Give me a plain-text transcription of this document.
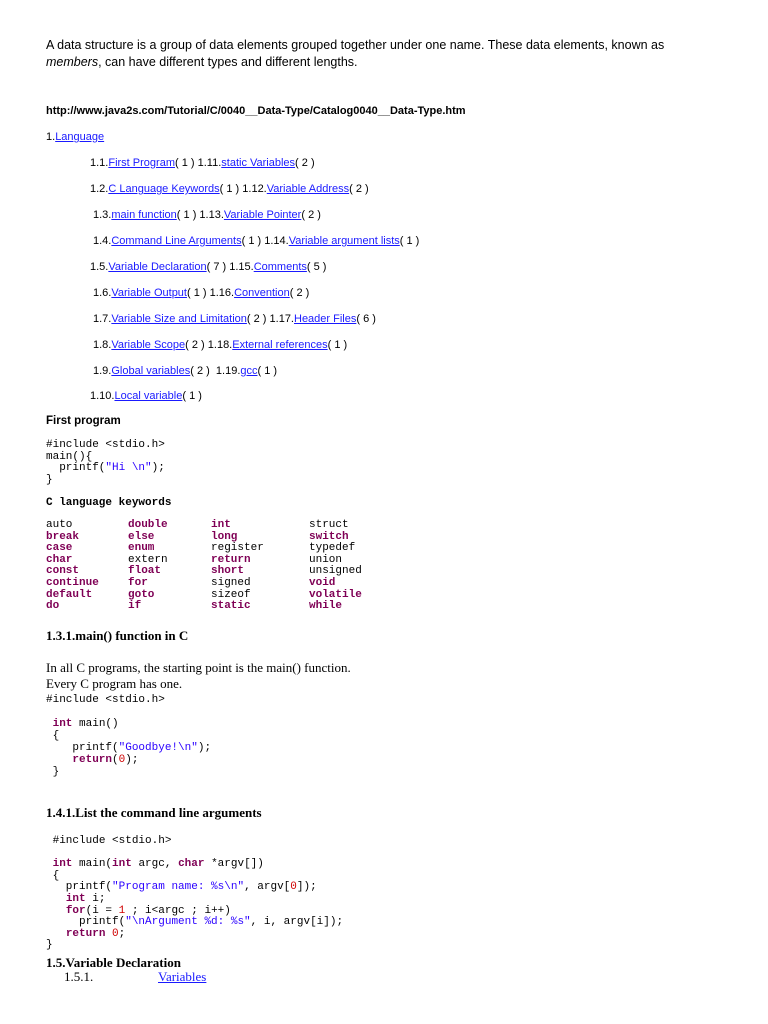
A data structure is a group of data elements grouped together under one name. These data elements, known as
members, can have different types and different lengths.
http://www.java2s.com/Tutorial/C/0040__Data-Type/Catalog0040__Data-Type.htm
1.Language
1.1.First Program( 1 ) 1.11.static Variables( 2 )
1.2.C Language Keywords( 1 ) 1.12.Variable Address( 2 )
1.3.main function( 1 ) 1.13.Variable Pointer( 2 )
1.4.Command Line Arguments( 1 ) 1.14.Variable argument lists( 1 )
1.5.Variable Declaration( 7 ) 1.15.Comments( 5 )
1.6.Variable Output( 1 ) 1.16.Convention( 2 )
1.7.Variable Size and Limitation( 2 ) 1.17.Header Files( 6 )
1.8.Variable Scope( 2 ) 1.18.External references( 1 )
1.9.Global variables( 2 )  1.19.gcc( 1 )
1.10.Local variable( 1 )
First program
#include <stdio.h>
main(){
printf("Hi \n");
}
C language keywords
auto	double	int	struct
break	else	long	switch
case	enum	register	typedef
char	extern	return	union
const	float	short	unsigned
continue	for	signed	void
default	goto	sizeof	volatile
do	if	static	while
1.3.1.main() function in C
In all C programs, the starting point is the main() function.
Every C program has one.
#include <stdio.h>

int main()
{
printf("Goodbye!\n");
return(0);
}
1.4.1.List the command line arguments
#include <stdio.h>

int main(int argc, char *argv[])
{
printf("Program name: %s\n", argv[0]);
int i;
for(i = 1 ; i<argc ; i++)
printf("\nArgument %d: %s", i, argv[i]);
return 0;
}
1.5.Variable Declaration
1.5.1.	Variables
